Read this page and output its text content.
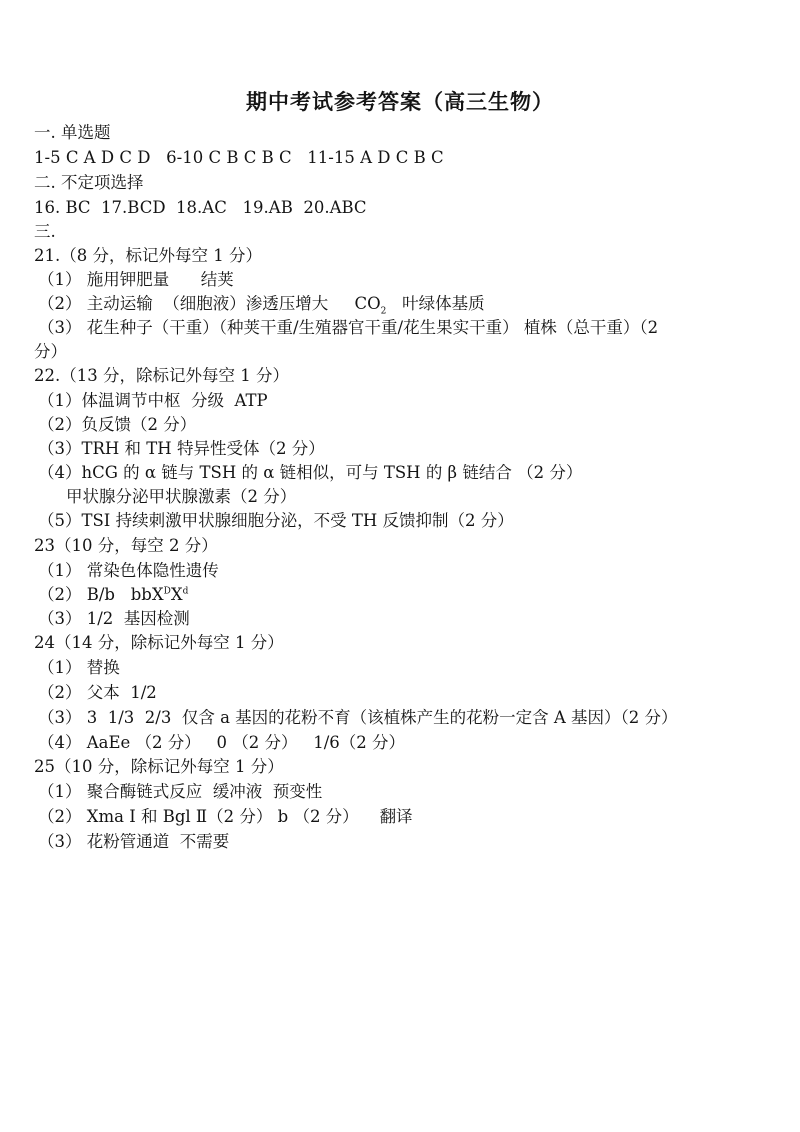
期中考试参考答案（高三生物）
一. 单选题
1-5 C A D C D   6-10 C B C B C   11-15 A D C B C
二. 不定项选择
16. BC  17.BCD  18.AC   19.AB  20.ABC
三.
21.（8 分，标记外每空 1 分）
（1） 施用钾肥量      结荚
（2） 主动运输  （细胞液）渗透压增大     $CO_2$   叶绿体基质
（3） 花生种子（干重）（种荚干重/生殖器官干重/花生果实干重） 植株（总干重）（2
分）
22.（13 分，除标记外每空 1 分）
（1）体温调节中枢  分级  ATP
（2）负反馈（2 分）
（3）TRH 和 TH 特异性受体（2 分）
（4）hCG 的 α 链与 TSH 的 α 链相似，可与 TSH 的 β 链结合 （2 分）
甲状腺分泌甲状腺激素（2 分）
（5）TSI 持续刺激甲状腺细胞分泌，不受 TH 反馈抑制（2 分）
23（10 分，每空 2 分）
（1） 常染色体隐性遗传
（2） B/b   $bbX^DX^d$
（3） 1/2  基因检测
24（14 分，除标记外每空 1 分）
（1） 替换
（2） 父本  1/2
（3） 3  1/3  2/3  仅含 a 基因的花粉不育（该植株产生的花粉一定含 A 基因）（2 分）
（4） AaEe （2 分）   0 （2 分）   1/6（2 分）
25（10 分，除标记外每空 1 分）
（1） 聚合酶链式反应  缓冲液  预变性
（2） Xma Ⅰ 和 Bgl Ⅱ（2 分） b （2 分）    翻译
（3） 花粉管通道  不需要
